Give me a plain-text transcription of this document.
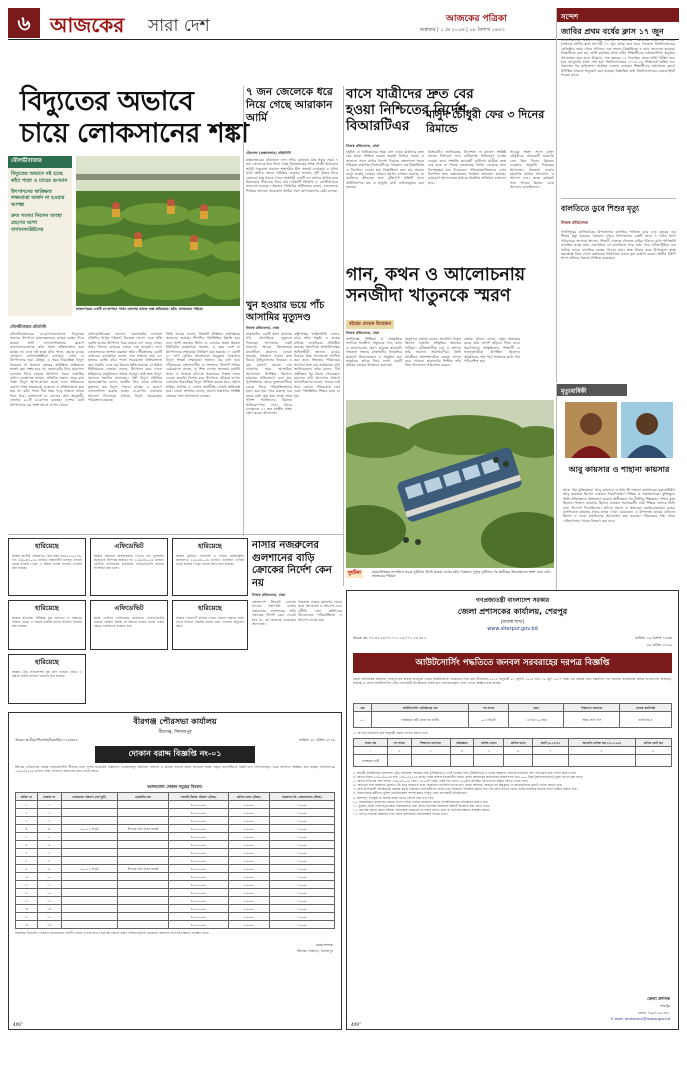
৬ আজকের সারা দেশ	আজকের পত্রিকা
শুক্রবার | ১ মে ২০২৬ | ১৮ বৈশাখ ১৪৩৩
সন্দেশ
জাবির প্রথম বর্ষের ক্লাস ১৭ জুন

জাহাঙ্গীরনগর বিশ্ববিদ্যালয়ের (জাবি) ২০২৫-২৬ শিক্ষাবর্ষের প্রথম বর্ষ স্নাতক (সম্মান) শ্রেণির ক্লাস আগামী ১৭ জুন থেকে শুরু হবে। গতকাল বিশ্ববিদ্যালয়ের রেজিস্ট্রার দপ্তর থেকে পাঠানো এক সংবাদ বিজ্ঞপ্তিতে এ তথ্য জানানো হয়েছে। বিজ্ঞপ্তিতে বলা হয়, ভর্তি কার্যক্রম শেষে নবীন শিক্ষার্থীদের ওরিয়েন্টেশন অনুষ্ঠান আয়োজন করা হবে। উল্লেখ্য, গত বছরের ১৫ ডিসেম্বর থেকে ভর্তি পরীক্ষা শুরু হয়ে জানুয়ারি মাসে শেষ হয়। বিশ্ববিদ্যালয়ের ২০২৫-২৬ শিক্ষাবর্ষে ভর্তির ফল প্রকাশের পর মাইগ্রেশন কার্যক্রম চলমান রয়েছে। শিক্ষার্থীদের যথাসময়ে ক্লাসে উপস্থিত থাকতে অনুরোধ করা হয়েছে। বিস্তারিত তথ্য বিশ্ববিদ্যালয়ের ওয়েবসাইটে পাওয়া যাবে।

বালতিতে ডুবে শিশুর মৃত্যু

গাজীপুরের কালিয়াকৈর উপজেলায় বালতির পানিতে ডুবে দেড় বছরের এক শিশুর মৃত্যু হয়েছে। গতকাল দুপুরে উপজেলার একটি গ্রামে এ ঘটনা ঘটে। পরিবারের সদস্যরা জানান, শিশুটি খেলতে খেলতে বাড়ির উঠানে রাখা পানিভর্তি বালতির কাছে যায়। একপর্যায়ে সে বালতিতে পড়ে যায়। পরে খোঁজাখুঁজির এক পর্যায়ে তাকে বালতির ভেতর পাওয়া যায়। দ্রুত উদ্ধার করে উপজেলা স্বাস্থ্য কমপ্লেক্সে নিয়ে গেলে কর্তব্যরত চিকিৎসক তাকে মৃত ঘোষণা করেন। স্থানীয় ইউপি সদস্য ঘটনার সত্যতা নিশ্চিত করেছেন।

নিজস্ব প্রতিবেদক
বিদ্যুতের অভাবে চায়ে লোকসানের শঙ্কা
৭ জন জেলেকে ধরে নিয়ে গেছে আরাকান আর্মি
টেকনাফ (কক্সবাজার) প্রতিনিধি

কক্সবাজারের টেকনাফে নাফ নদীর মোহনায় মাছ ধরার সময় ৭ জন জেলেকে ধরে নিয়ে গেছে মিয়ানমারের সশস্ত্র গোষ্ঠী আরাকান আর্মি। গতকাল সকালে শাহপরীর দ্বীপ সংলগ্ন এলাকায় এ ঘটনা ঘটে। স্থানীয় জেলে সমিতির নেতারা জানান, দুটি ট্রলার নিয়ে জেলেরা মাছ ধরতে গেলে অস্ত্রধারী একটি দল তাদের আটক করে মিয়ানমার সীমানায় নিয়ে যায়। বিষয়টি বিজিবি ও কোস্টগার্ডকে জানানো হয়েছে। টেকনাফ বিজিবির অধিনায়ক বলেন, জেলেদের ফিরিয়ে আনতে আরাকান আর্মির সঙ্গে যোগাযোগের চেষ্টা চলছে।

বাসে যাত্রীদের দ্রুত বের হওয়া নিশ্চিতের নির্দেশ বিআরটিএর
নিজস্ব প্রতিবেদক, ঢাকা

দুর্ঘটনা বা অগ্নিকাণ্ডের সময় বাস থেকে যাত্রীদের দ্রুত বের হওয়া নিশ্চিত করতে জরুরি নির্গমন দরজা ও জানালা সচল রাখার নির্দেশ দিয়েছে বাংলাদেশ সড়ক পরিবহন কর্তৃপক্ষ (বিআরটিএ)। গতকাল এক বিজ্ঞপ্তিতে এ নির্দেশনা দেওয়া হয়। বিজ্ঞপ্তিতে বলা হয়, অনেক বাসে জরুরি দরজার সামনে আসন বসানো হয়েছে, যা যাত্রীদের জীবনের জন্য ঝুঁকিপূর্ণ। প্রতিটি বাসে অগ্নিনির্বাপক যন্ত্র ও হাতুড়ি রাখা বাধ্যতামূলক করা হয়েছে।

বিআরটিএ জানিয়েছে, নির্দেশনা না মানলে সংশ্লিষ্ট বাসের ফিটনেস সনদ বাতিলসহ আইনানুগ ব্যবস্থা নেওয়া হবে। সম্প্রতি কয়েকটি দুর্ঘটনায় যাত্রীরা দ্রুত বের হতে না পারায় হতাহতের সংখ্যা বেড়েছে বলে বিশেষজ্ঞরা মত দিয়েছেন। পরিবহনমালিকদের এসব নির্দেশনা দ্রুত বাস্তবায়নের আহ্বান জানানো হয়েছে। ভ্রাম্যমাণ আদালতের মাধ্যমে নিয়মিত অভিযান চালানো হবে।

মাসুদ চৌধুরী ফের ৩ দিনের রিমান্ডে

সাবেক সংসদ সদস্য মাসুদ চৌধুরীকে আরেকটি মামলায় ফের তিন দিনের রিমান্ডে নেওয়ার অনুমতি দিয়েছেন আদালত। গতকাল ঢাকার মহানগর হাকিম আদালত এ আদেশ দেন। তদন্ত কর্মকর্তা সাত দিনের রিমান্ড চেয়ে আবেদন করেছিলেন।

মৌলভীবাজার
বিদ্যুতের অভাবে নষ্ট হচ্ছে কাঁচা পাতা ও চায়ের গুণমান
উৎপাদনের কাঙ্ক্ষিত লক্ষ্যমাত্রা অর্জন না হওয়ার আশঙ্কা
দ্রুত সমস্যা নিরসন ব্যবস্থা গ্রহণের আশা বাগানসংশ্লিষ্টদের
রাজনগরের একটি চা-বাগানে পাতা তোলার কাজে ব্যস্ত শ্রমিকেরা। ছবি: আজকের পত্রিকা
মৌলভীবাজার প্রতিনিধি

মৌলভীবাজারের চা-বাগানগুলোতে বিদ্যুতের অভাবে উৎপাদন মারাত্মকভাবে ব্যাহত হচ্ছে। দিনে কয়েক ঘণ্টা লোডশেডিংয়ের কারণে কারখানাগুলোতে কাঁচা পাতা প্রক্রিয়াজাত করা যাচ্ছে না। এতে নষ্ট হচ্ছে কাঁচা পাতা, কমছে চায়ের গুণমান। বাগানসংশ্লিষ্টরা বলছেন, এখন চা উৎপাদনের ভরা মৌসুম। এ সময় নিরবচ্ছিন্ন বিদ্যুৎ সরবরাহ না থাকলে বছরের কাঙ্ক্ষিত লক্ষ্যমাত্রা অর্জন করা সম্ভব হবে না। জেনারেটর দিয়ে কারখানা চালাতে গিয়ে বাড়ছে উৎপাদন খরচ। একাধিক বাগান ব্যবস্থাপক জানান, প্রতিদিন সকাল থেকে রাত পর্যন্ত বিদ্যুৎ আসা-যাওয়া করে। ফলে শ্রমিকদের তোলা পাতা সময়মতো শুকানো ও প্রক্রিয়াজাত করা যায় না। কাঁচা পাতা দীর্ঘ সময় পড়ে থাকলে তাতে পচন ধরে। বাংলাদেশ চা বোর্ডের তথ্য অনুযায়ী, জেলায় ৯২টি চা-বাগান রয়েছে। দেশের মোট উৎপাদনের বড় অংশ আসে এখান থেকে।

বাগানমালিকেরা জানান, জেনারেটর চালাতে প্রতিদিন বিপুল পরিমাণ ডিজেল লাগে। এতে প্রতি কেজি চায়ের উৎপাদন খরচ কয়েক গুণ বেড়ে গেছে। অথচ নিলাম বাজারে চায়ের দাম বাড়েনি। ফলে লোকসানের আশঙ্কা করছেন তাঁরা। শ্রীমঙ্গলের একটি বাগানের ব্যবস্থাপক বলেন, গত সপ্তাহে প্রায় ৩০ হাজার কেজি কাঁচা পাতা সময়মতো প্রক্রিয়াজাত করা যায়নি। এতে বড় ধরনের ক্ষতি হয়েছে। চা শ্রমিক ইউনিয়নের নেতারা বলেন, উৎপাদন কমে গেলে শ্রমিকদের মজুরিতেও প্রভাব পড়বে। তাই দ্রুত বিদ্যুৎ সমস্যার সমাধান প্রয়োজন। পল্লী বিদ্যুৎ সমিতির মহাব্যবস্থাপক বলেন, জাতীয় গ্রিড থেকে চাহিদার তুলনায় কম বিদ্যুৎ পাওয়া যাচ্ছে। এ কারণে লোডশেডিং করতে হচ্ছে। চা-বাগান এলাকায় আলাদা ফিডারের মাধ্যমে বিদ্যুৎ সরবরাহের পরিকল্পনা রয়েছে।

তিনি আরও বলেন, বিষয়টি ঊর্ধ্বতন কর্তৃপক্ষকে জানানো হয়েছে। শিগগির পরিস্থিতির উন্নতি হবে বলে আশা করছেন তিনি। চা বোর্ডের প্রকল্প উন্নয়ন ইউনিটের কর্মকর্তারা জানান, এ বছর দেশে চা উৎপাদনের লক্ষ্যমাত্রা নির্ধারণ করা হয়েছে ১০ কোটি ৮০ লাখ কেজি। আবহাওয়া অনুকূলে থাকলেও বিদ্যুৎ সংকট লক্ষ্যমাত্রা অর্জনে বড় বাধা হয়ে দাঁড়িয়েছে। বাংলাদেশীয় চা সংসদের সিলেট শাখার চেয়ারম্যান বলেন, চা শিল্প দেশের অন্যতম রপ্তানি খাত। এ খাতকে বাঁচাতে সরকারের বিশেষ নজর দেওয়া জরুরি। বিশেষ করে উৎপাদন মৌসুমে বাগান এলাকায় নিরবচ্ছিন্ন বিদ্যুৎ নিশ্চিত করতে হবে। নইলে শ্রমিক, মালিক ও দেশের অর্থনীতি—সবাই ক্ষতিগ্রস্ত হবে। জেলা প্রশাসক বলেন, সমস্যা সমাধানে সংশ্লিষ্ট দপ্তরের সঙ্গে আলোচনা চলছে।

খুন হওয়ার ভয়ে পাঁচ আসামির মৃত্যুদণ্ড
নিজস্ব প্রতিবেদক, ঢাকা

রাজধানীর একটি হত্যা মামলায় পাঁচ আসামিকে মৃত্যুদণ্ড দিয়েছেন আদালত। একই মামলায় আরও তিনজনকে যাবজ্জীবন কারাদণ্ড দেওয়া হয়েছে। গতকাল ঢাকার দ্রুত বিচার ট্রাইব্যুনালের বিচারক এ রায় ঘোষণা করেন। রায় ঘোষণার সময় আসামিরা আদালতে উপস্থিত ছিলেন। মামলার অভিযোগে বলা হয়, পূর্বশত্রুতার জেরে ভুক্তভোগীকে ডেকে নিয়ে পরিকল্পিতভাবে হত্যা করা হয়। পরে মরদেহ গুম করার চেষ্টা করা হয়। তদন্ত শেষে পুলিশ আটজনের বিরুদ্ধে অভিযোগপত্র দেয়। বিচার চলাকালে ২২ জন সাক্ষীর সাক্ষ্য গ্রহণ করেন আদালত।

রাষ্ট্রপক্ষের আইনজীবী বলেন, রায়ে তাঁরা সন্তুষ্ট। এ রায়ের মাধ্যমে ন্যায়বিচার প্রতিষ্ঠিত হয়েছে। অন্যদিকে আসামিপক্ষের আইনজীবী জানান, রায়ের বিরুদ্ধে উচ্চ আদালতে আপিল করা হবে। নিহতের পরিবারের সদস্যরা দ্রুত রায় কার্যকরের দাবি জানিয়েছেন। তাঁরা বলেন, দীর্ঘ প্রতীক্ষার পর বিচার পেয়েছেন। মামলার বাদী আদালত প্রাঙ্গণে সাংবাদিকদের বলেন, আমরা চাই আর কোনো পরিবারকে যেন এমন পরিস্থিতির শিকার হতে না হয়।

গান, কথন ও আলোচনায় সনজীদা খাতুনকে স্মরণ
বইয়ের মোড়ক উন্মোচন
নিজস্ব প্রতিবেদক, ঢাকা

সংগীতজ্ঞ, শিক্ষিকা ও সাংস্কৃতিক সংগঠক সনজীদা খাতুনকে গান, কথন ও আলোচনায় স্মরণ করেছে ছায়ানট। গতকাল সন্ধ্যায় রাজধানীর ধানমন্ডির ছায়ানট মিলনায়তনে এ অনুষ্ঠান হয়। অনুষ্ঠানে তাঁকে নিয়ে লেখা একটি বইয়ের মোড়ক উন্মোচন করা হয়।

অনুষ্ঠানে বক্তারা বলেন, সনজীদা খাতুন ছিলেন বাঙালি সংস্কৃতির অন্যতম পথিকৃৎ। রবীন্দ্রসংগীত চর্চা ও প্রসারে তাঁর অবদান অবিস্মরণীয়। তিনি আজীবন অসাম্প্রদায়িক চেতনা লালন করে গেছেন। ছায়ানটের শিল্পীরা তাঁর প্রিয় গানগুলো পরিবেশন করেন।

বক্তারা আরও বলেন, নতুন প্রজন্মের কাছে তাঁর আদর্শ ছড়িয়ে দিতে হবে। স্মরণসভায় সংস্কৃতিজন, শিক্ষার্থী ও শুভানুধ্যায়ীরা উপস্থিত ছিলেন। অনুষ্ঠানের শেষ পর্বে সম্মেলক কণ্ঠে গান পরিবেশিত হয়।

দুর্ঘটনা	ময়মনসিংহের নান্দাইলে সড়ক দুর্ঘটনায় উল্টে যাওয়া বাসের ছবি। গতকাল দুপুরে দুর্ঘটনার পর স্থানীয়রা উদ্ধারকাজে অংশ নেন। ছবি: আজকের পত্রিকা
মৃত্যুবার্ষিকী
আবু কায়সার ও শাহানা কায়সার

আজ বীর মুক্তিযোদ্ধা আবু কায়সার ও তাঁর স্ত্রী শাহানা কায়সারের মৃত্যুবার্ষিকী। আবু কায়সার ছিলেন একজন নিবেদিতপ্রাণ শিক্ষক ও সমাজসেবক। মুক্তিযুদ্ধে তিনি সক্রিয়ভাবে অংশগ্রহণ করেন। স্বাধীনতার পর দীর্ঘদিন শিক্ষকতা পেশায় যুক্ত ছিলেন। শাহানা কায়সার ছিলেন একজন সমাজকর্মী। নারী শিক্ষার প্রসারে তিনি নানা উদ্যোগ নিয়েছিলেন। তাঁদের সন্তান ও স্বজনেরা মরহুম-মরহুমার রুহের মাগফিরাত কামনায় সবার কাছে দোয়া চেয়েছেন। এ উপলক্ষে গ্রামের বাড়িতে মিলাদ ও দোয়া মাহফিলের আয়োজন করা হয়েছে। পরিবারের পক্ষ থেকে এতিমখানায় খাবার বিতরণ করা হবে।

নাসার নজরুলের গুলশানের বাড়ি ক্রোকের নির্দেশ কেন নয়
নিজস্ব প্রতিবেদক, ঢাকা

বাংলাদেশ ক্রিকেট বোর্ডের সাবেক সভাপতি নাসার নজরুলের গুলশানের বাড়ি ক্রোকের নির্দেশ কেন দেওয়া হবে না, তা জানতে চেয়েছেন আদালত।

গতকাল ঢাকার মহানগর দায়রা জজ আদালত এ আদেশ দেন। দুর্নীতি দমন কমিশনের আবেদনের পরিপ্রেক্ষিতে এ আদেশ দেওয়া হয়।

হারিয়েছে
আমার জাতীয় পরিচয়পত্র, যার নম্বর ৪৬৪২৫৩০২৭৬, গত ২৬/০৪/২০২৬ তারিখে রাজধানীর মিরপুর এলাকা থেকে হারিয়ে গেছে। এ বিষয়ে থানায় সাধারণ ডায়েরি করা হয়েছে।
এফিডেভিট
আমার সন্তানের জন্মনিবন্ধনে পিতার নাম ভুলবশত ভিন্নভাবে লিপিবদ্ধ হয়েছে। গত ২২/০৪/২০২৬ তারিখে নোটারি পাবলিকের কার্যালয়ে এফিডেভিটের মাধ্যমে সংশোধন করা হলো।
হারিয়েছে
আমার ড্রাইভিং লাইসেন্স ও গাড়ির রেজিস্ট্রেশন কাগজপত্র ২৫/০৪/২০২৬ তারিখে গুলিস্তান এলাকা থেকে হারিয়ে গেছে। থানায় জিডি করা হয়েছে।
হারিয়েছে
আমার মাধ্যমিক পরীক্ষার মূল সনদপত্র ও নম্বরপত্র হারিয়ে গেছে। এ বিষয়ে নিকটস্থ থানায় সাধারণ ডায়েরি করা হয়েছে।
এফিডেভিট
আমি নোটারি পাবলিকের কার্যালয়ে এফিডেভিটের মাধ্যমে ঘোষণা করছি যে আমার নামের বানান সকল ক্ষেত্রে একইভাবে ব্যবহৃত হবে।
হারিয়েছে
আমার পাসপোর্ট হারিয়ে গেছে। কোনো সহৃদয় ব্যক্তি পেয়ে থাকলে নিকটস্থ থানায় জমা দেওয়ার অনুরোধ রইল।
হারিয়েছে
আমার ট্রেড লাইসেন্সের মূল কপি হারিয়ে গেছে। এ বিষয়ে থানায় সাধারণ ডায়েরি করা হয়েছে।
বীরগঞ্জ পৌরসভা কার্যালয়
বীরগঞ্জ, দিনাজপুর
স্মারক নং-বীর/পৌরসভা/বিজ্ঞপ্তি/২০২৬/৩৪৫	তারিখ: ২৮ এপ্রিল ২০২৬
দোকান বরাদ্দ বিজ্ঞপ্তি নং-০১
বীরগঞ্জ পৌরসভার নিজস্ব মালিকানাধীন বীরগঞ্জ মিনি সুপার মার্কেটের নিম্নবর্ণিত দোকানসমূহ নির্ধারিত সালামি ও মাসিক ভাড়ায় বরাদ্দ প্রদানের লক্ষ্যে প্রকৃত ব্যবসায়ীদের নিকট হতে সিলগালাকৃত খামে আবেদন আহ্বান করা যাচ্ছে। আবেদনপত্র ২০/০৫/২০২৬ তারিখ পর্যন্ত পৌরসভা কার্যালয়ে জমা দেওয়া যাবে।
বরাদ্দযোগ্য দোকান সমূহের বিবরণ:
ক্রমিক নং	দোকান নং	দোকানের পরিমাপ (বর্গ ফুট)	মার্কেটের নাম	সালামি টাকার পরিমাণ (টাকা)	মাসিক ভাড়া (টাকা)	জামানত কি. ফেরতযোগ্য (টাকা)
১	১			৪,০০,০০০/-	২,০০০/-	১,০০০/-
২	২			৪,০০,০০০/-	২,০০০/-	১,০০০/-
৩	৩			৪,০০,০০০/-	২,০০০/-	১,০০০/-
৪	৪	১০০.০০ বর্গফুট	বীরগঞ্জ মিনি সুপার মার্কেট	৪,০০,০০০/-	২,০০০/-	১,০০০/-
৫	৫			৪,০০,০০০/-	২,০০০/-	১,০০০/-
৬	৬			৪,০০,০০০/-	২,০০০/-	১,০০০/-
৭	৭			৪,০০,০০০/-	২,০০০/-	১,০০০/-
৮	৮			৪,০০,০০০/-	২,০০০/-	১,০০০/-
৯	৯	১০০.০০ বর্গফুট	বীরগঞ্জ মিনি সুপার মার্কেট	৪,০০,০০০/-	২,০০০/-	১,০০০/-
১০	১০			৪,০০,০০০/-	২,০০০/-	১,০০০/-
১১	১১			৪,০০,০০০/-	২,০০০/-	১,০০০/-
১২	১২			৪,০০,০০০/-	২,০০০/-	১,০০০/-
১৩	১৩			৪,০০,০০০/-	২,০০০/-	১,০০০/-
১৪	১৪			৪,০০,০০০/-	২,০০০/-	১,০০০/-
১৫	১৫			৪,০০,০০০/-	২,০০০/-	১,০০০/-
১৬	১৬			৪,০০,০০০/-	২,০০০/-	১,০০০/-
বিস্তারিত শর্তাবলি পৌরসভা কার্যালয়ের নোটিশ বোর্ডে পাওয়া যাবে। কর্তৃপক্ষ কোনো কারণ দর্শানো ছাড়াই যেকোনো আবেদন বাতিলের ক্ষমতা সংরক্ষণ করে।
মেয়র/প্রশাসক
বীরগঞ্জ পৌরসভা, দিনাজপুর
4X6"
গণপ্রজাতন্ত্রী বাংলাদেশ সরকার
জেলা প্রশাসকের কার্যালয়, শেরপুর
(রাজস্ব শাখা)
www.sherpur.gov.bd
স্মারক নং- ০৫.৪৭.৮৯০০.০১১.১৪.০০১.২৫.৪৫২	তারিখ: ১৬ বৈশাখ ১৪৩৩
২৯ এপ্রিল ২০২৬
আউটসোর্সিং পদ্ধতিতে জনবল সরবরাহের দরপত্র বিজ্ঞপ্তি
জেলা প্রশাসকের কার্যালয়, শেরপুর-এর রাজস্ব খাতভুক্ত দপ্তরে আউটসোর্সিং প্রক্রিয়ায় সেবা ক্রয় নীতিমালা-২০২৫ অনুযায়ী ০১ জুলাই ২০২৬ হতে ৩০ জুন ২০২৭ পর্যন্ত এক বছরের জন্য নিম্নবর্ণিত পদে জনবল সরবরাহের নিমিত্ত বাংলাদেশে নিবন্ধিত, অভিজ্ঞ ও যোগ্য আউটসোর্সিং সেবা প্রদানকারী প্রতিষ্ঠানের নিকট হতে সিলমোহরকৃত খামে দরপত্র আহ্বান করা যাচ্ছে।
ক্রম	আউটসোর্সিং প্রতিষ্ঠানের নাম	পদ সংখ্যা	বয়স	শিক্ষাগত যোগ্যতা	সেবার ক্যাটাগরি
০১.	পরিচ্ছন্নতা কর্মী (নিরাপত্তা প্রহরী)	০৫ (পাঁচ)টি	১৮ হতে ৩০ বছর	অষ্টম শ্রেণি পাস	ক্যাটাগরি-৪
২. দরপত্রে নিম্নবর্ণিত ছক অনুযায়ী প্রস্তাব দাখিল করতে হবে:
পদের নাম	পদ সংখ্যা	শিক্ষাগত যোগ্যতা	অভিজ্ঞতা	মাসিক বেতন	মাসিক ভাতা	ভ্যাট (৫+৫%)	জনপ্রতি মাসিক ব্যয় (৩+৫+৬)	মাসিক মোট ব্যয়
১	২	৩	৪	৫	৬	৭	৮	৯
পরিচ্ছন্নতা কর্মী								

৩. আগ্রহী প্রতিষ্ঠানকে হালনাগাদ ট্রেড লাইসেন্স, আয়কর সনদ (টিআইএন), ভ্যাট নিবন্ধন সনদ (বিআইএন) ও ব্যাংক সচ্ছলতা সনদের সত্যায়িত কপি দরপত্রের সঙ্গে দাখিল করতে হবে।

৪. দরপত্র দলিল ০৩/০৫/২০২৬ হতে ১৮/০৫/২০২৬ তারিখ পর্যন্ত অফিস চলাকালীন সময়ে জেলা প্রশাসকের কার্যালয়ের রাজস্ব শাখা হতে ৫০০ টাকা (অফেরতযোগ্য) মূল্যে সংগ্রহ করা যাবে।

৫. দরপত্র দাখিলের শেষ তারিখ ১৯/০৫/২০২৬ বেলা ১২:০০টা পর্যন্ত। একই দিন বেলা ৩:০০টায় উপস্থিত দরদাতাদের সম্মুখে দরপত্র খোলা হবে।

৬. দরপত্রের সঙ্গে প্রাক্কলিত মূল্যের ২% হারে জামানত বাবদ যেকোনো তফসিলি ব্যাংক হতে জেলা প্রশাসক, শেরপুর-এর অনুকূলে পে-অর্ডার/ব্যাংক ড্রাফট দাখিল করতে হবে।

৭. সেবা প্রদানকারী প্রতিষ্ঠানকে সরকার কর্তৃক নির্ধারিত হারে কর্মীদের বেতন-ভাতা নিয়মিত পরিশোধ করতে হবে এবং প্রতি মাসের বেতন ব্যাংক হিসাবের মাধ্যমে প্রদান নিশ্চিত করতে হবে।

৮. নিয়োগপ্রাপ্ত কর্মীদের পুলিশ ভেরিফিকেশন সম্পন্ন করার দায়িত্ব সেবা প্রদানকারী প্রতিষ্ঠানের।

৯. অসম্পূর্ণ, শর্তযুক্ত বা বিলম্বে প্রাপ্ত দরপত্র বাতিল বলে গণ্য হবে।

১০. সরবরাহকৃত জনবলের কোনো সদস্য দায়িত্ব পালনে অবহেলা করলে তাৎক্ষণিকভাবে প্রতিস্থাপন করতে হবে।

১১. চুক্তির মেয়াদ শেষে কর্তৃপক্ষের সন্তোষজনক সেবা প্রাপ্তি সাপেক্ষে নবায়নের বিষয়টি বিবেচনা করা যেতে পারে।

১২. কর্তৃপক্ষ কোনো কারণ দর্শানো ব্যতিরেকে যেকোনো বা সকল দরপত্র গ্রহণ বা বাতিলের ক্ষমতা সংরক্ষণ করেন।

১৩. দরপত্র সংক্রান্ত বিস্তারিত তথ্য জেলা প্রশাসনের ওয়েবসাইটে পাওয়া যাবে।

জেলা প্রশাসক
শেরপুর
ফোন: ০৯৩১-৬১৫৪১
E-mail: dcsherpur@mopa.gov.bd
4X9"
